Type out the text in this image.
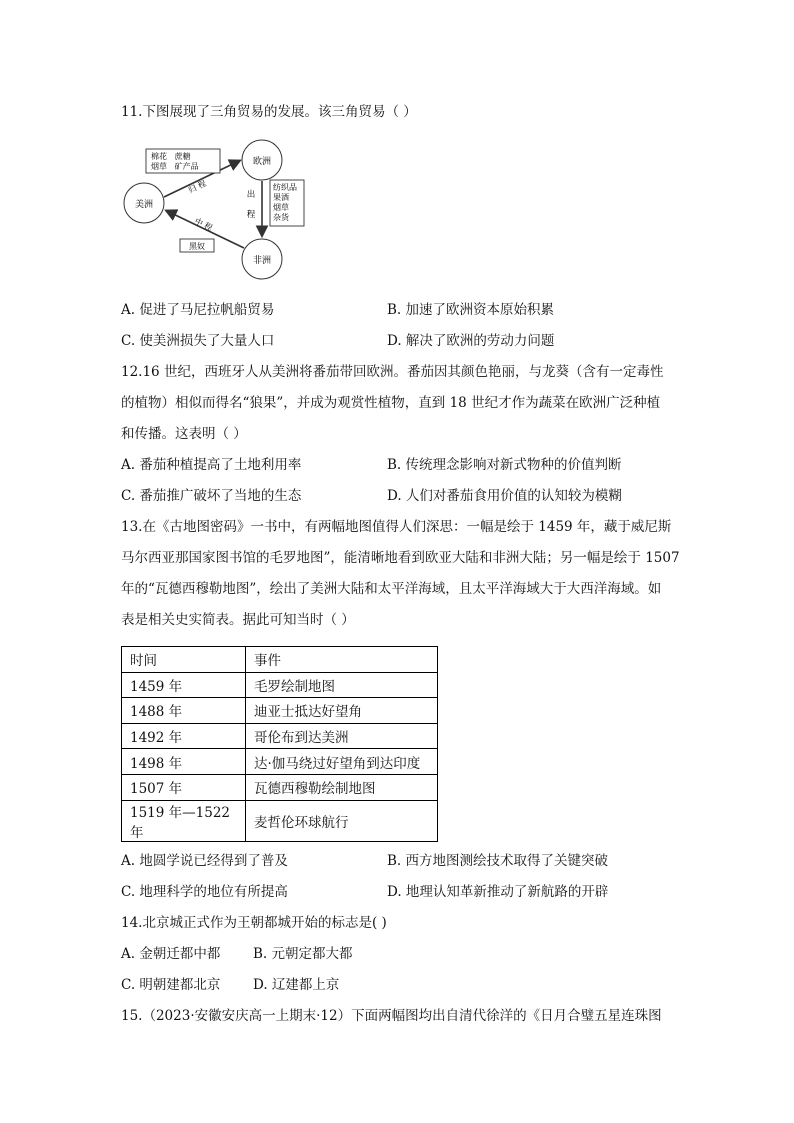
11.下图展现了三角贸易的发展。该三角贸易（ ）
欧洲
美洲
非洲
棉花   蔗糖
烟草   矿产品
归 程
出
程
纺织品
果酒
烟草
杂货
中 程
黑奴
A. 促进了马尼拉帆船贸易	B. 加速了欧洲资本原始积累
C. 使美洲损失了大量人口	D. 解决了欧洲的劳动力问题
12.16 世纪，西班牙人从美洲将番茄带回欧洲。番茄因其颜色艳丽，与龙葵（含有一定毒性
的植物）相似而得名“狼果”，并成为观赏性植物，直到 18 世纪才作为蔬菜在欧洲广泛种植
和传播。这表明（ ）
A. 番茄种植提高了土地利用率	B. 传统理念影响对新式物种的价值判断
C. 番茄推广破坏了当地的生态	D. 人们对番茄食用价值的认知较为模糊
13.在《古地图密码》一书中，有两幅地图值得人们深思：一幅是绘于 1459 年，藏于威尼斯
马尔西亚那国家图书馆的毛罗地图”，能清晰地看到欧亚大陆和非洲大陆；另一幅是绘于 1507
年的“瓦德西穆勒地图”，绘出了美洲大陆和太平洋海域，且太平洋海域大于大西洋海域。如
表是相关史实简表。据此可知当时（ ）
时间	事件
1459 年	毛罗绘制地图
1488 年	迪亚士抵达好望角
1492 年	哥伦布到达美洲
1498 年	达·伽马绕过好望角到达印度
1507 年	瓦德西穆勒绘制地图
1519 年—1522 年	麦哲伦环球航行
A. 地圆学说已经得到了普及	B. 西方地图测绘技术取得了关键突破
C. 地理科学的地位有所提高	D. 地理认知革新推动了新航路的开辟
14.北京城正式作为王朝都城开始的标志是( )
A. 金朝迁都中都 B. 元朝定都大都
C. 明朝建都北京 D. 辽建都上京
15.（2023·安徽安庆高一上期末·12）下面两幅图均出自清代徐洋的《日月合璧五星连珠图
